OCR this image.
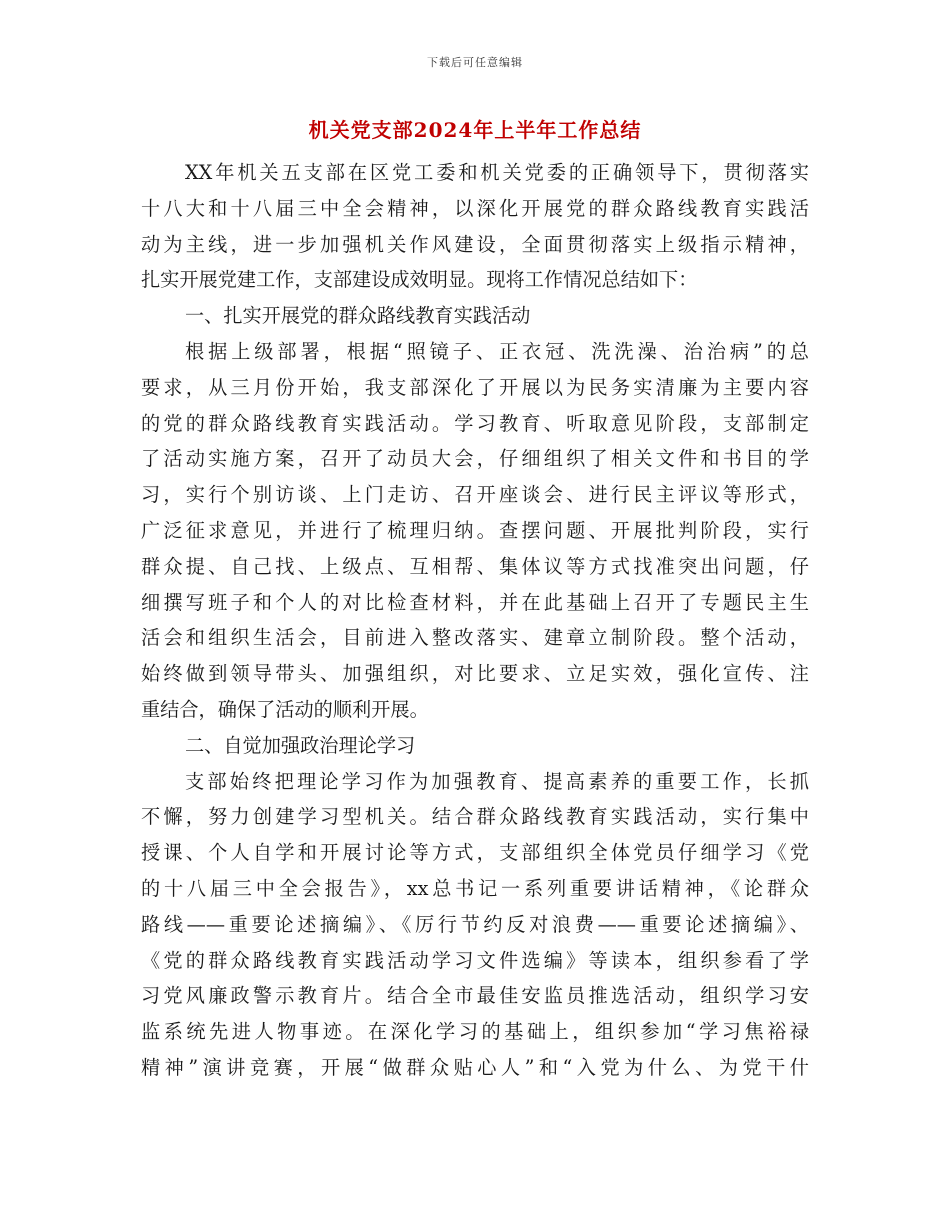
下载后可任意编辑
机关党支部2024年上半年工作总结
XX年机关五支部在区党工委和机关党委的正确领导下，贯彻落实
十八大和十八届三中全会精神，以深化开展党的群众路线教育实践活
动为主线，进一步加强机关作风建设，全面贯彻落实上级指示精神，
扎实开展党建工作，支部建设成效明显。现将工作情况总结如下：
一、扎实开展党的群众路线教育实践活动
根据上级部署，根据“照镜子、正衣冠、洗洗澡、治治病”的总
要求，从三月份开始，我支部深化了开展以为民务实清廉为主要内容
的党的群众路线教育实践活动。学习教育、听取意见阶段，支部制定
了活动实施方案，召开了动员大会，仔细组织了相关文件和书目的学
习，实行个别访谈、上门走访、召开座谈会、进行民主评议等形式，
广泛征求意见，并进行了梳理归纳。查摆问题、开展批判阶段，实行
群众提、自己找、上级点、互相帮、集体议等方式找准突出问题，仔
细撰写班子和个人的对比检查材料，并在此基础上召开了专题民主生
活会和组织生活会，目前进入整改落实、建章立制阶段。整个活动，
始终做到领导带头、加强组织，对比要求、立足实效，强化宣传、注
重结合，确保了活动的顺利开展。
二、自觉加强政治理论学习
支部始终把理论学习作为加强教育、提高素养的重要工作，长抓
不懈，努力创建学习型机关。结合群众路线教育实践活动，实行集中
授课、个人自学和开展讨论等方式，支部组织全体党员仔细学习《党
的十八届三中全会报告》，xx总书记一系列重要讲话精神，《论群众
路线——重要论述摘编》、《厉行节约反对浪费——重要论述摘编》、
《党的群众路线教育实践活动学习文件选编》等读本，组织参看了学
习党风廉政警示教育片。结合全市最佳安监员推选活动，组织学习安
监系统先进人物事迹。在深化学习的基础上，组织参加“学习焦裕禄
精神”演讲竞赛，开展“做群众贴心人”和“入党为什么、为党干什
